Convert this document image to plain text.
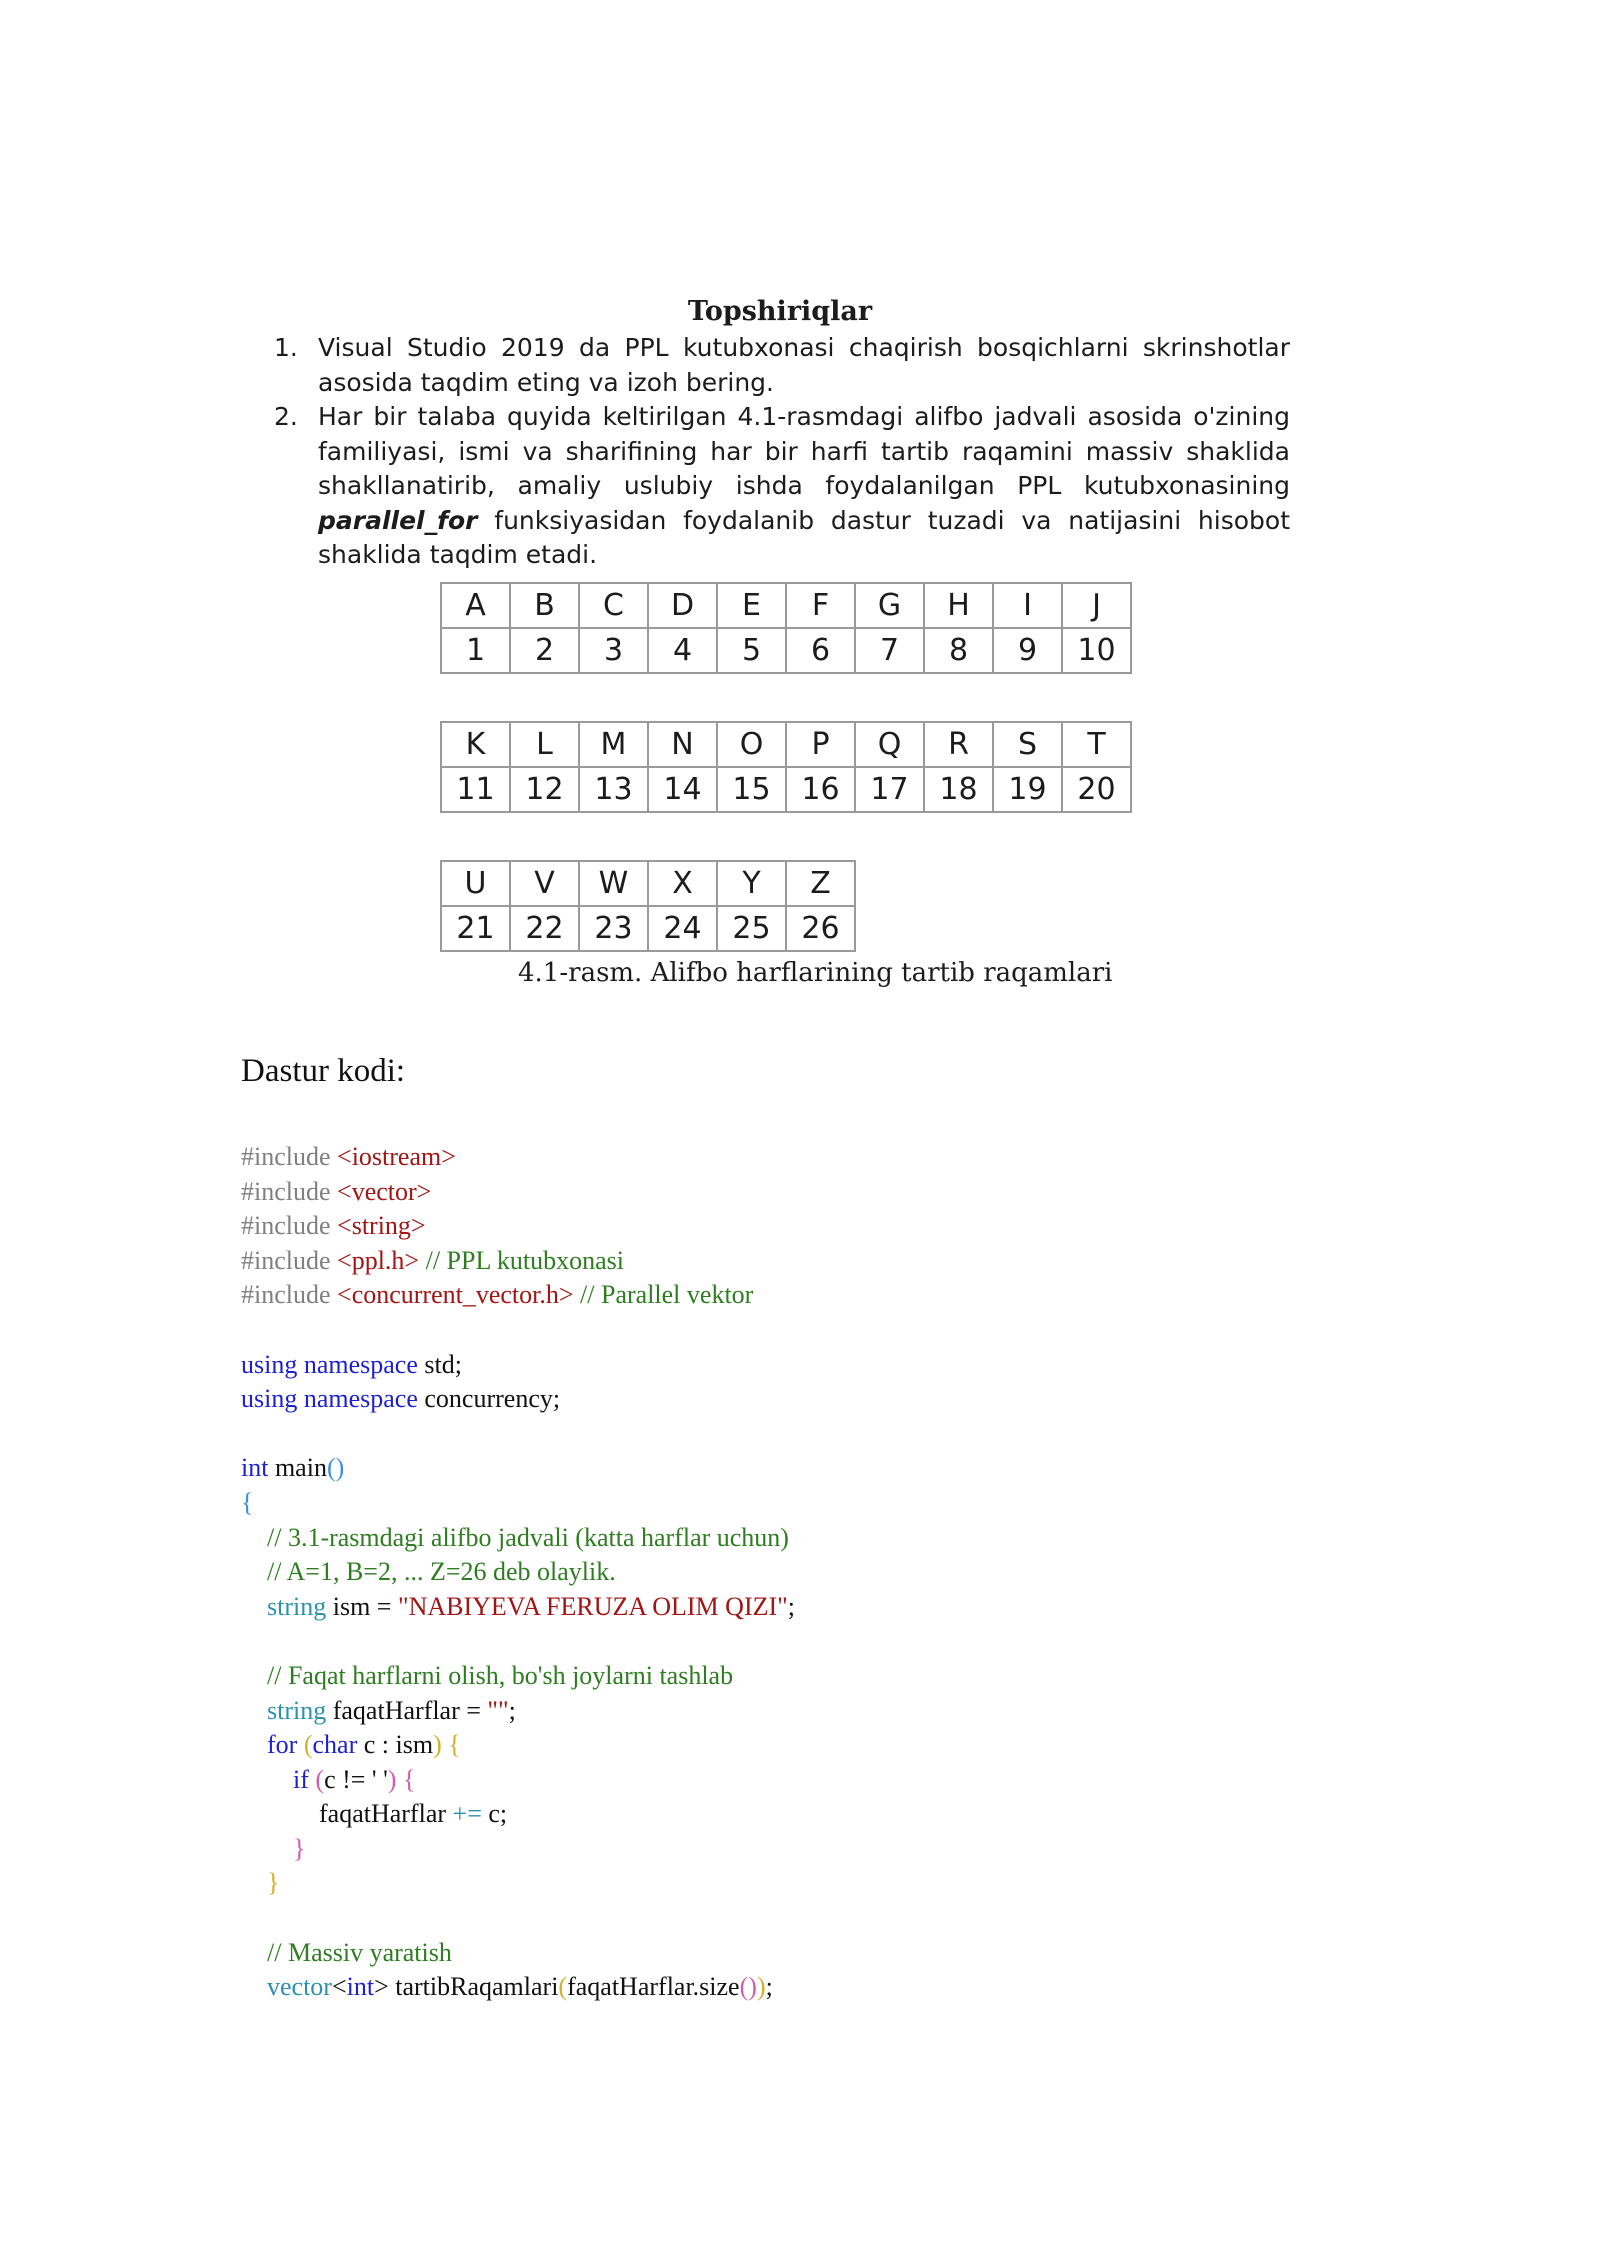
Topshiriqlar
1. Visual Studio 2019 da PPL kutubxonasi chaqirish bosqichlarni skrinshotlar asosida taqdim eting va izoh bering.
2. Har bir talaba quyida keltirilgan 4.1-rasmdagi alifbo jadvali asosida o'zining familiyasi, ismi va sharifining har bir harfi tartib raqamini massiv shaklida shakllanatirib, amaliy uslubiy ishda foydalanilgan PPL kutubxonasining parallel_for funksiyasidan foydalanib dastur tuzadi va natijasini hisobot shaklida taqdim etadi.
A	B	C	D	E	F	G	H	I	J
1	2	3	4	5	6	7	8	9	10
K	L	M	N	O	P	Q	R	S	T
11	12	13	14	15	16	17	18	19	20
U	V	W	X	Y	Z
21	22	23	24	25	26
4.1-rasm. Alifbo harflarining tartib raqamlari
Dastur kodi:
#include <iostream>
#include <vector>
#include <string>
#include <ppl.h> // PPL kutubxonasi
#include <concurrent_vector.h> // Parallel vektor
using namespace std;
using namespace concurrency;
int main()
{
// 3.1-rasmdagi alifbo jadvali (katta harflar uchun)
// A=1, B=2, ... Z=26 deb olaylik.
string ism = "NABIYEVA FERUZA OLIM QIZI";
// Faqat harflarni olish, bo'sh joylarni tashlab
string faqatHarflar = "";
for (char c : ism) {
if (c != ' ') {
faqatHarflar += c;
}
}
// Massiv yaratish
vector<int> tartibRaqamlari(faqatHarflar.size());
